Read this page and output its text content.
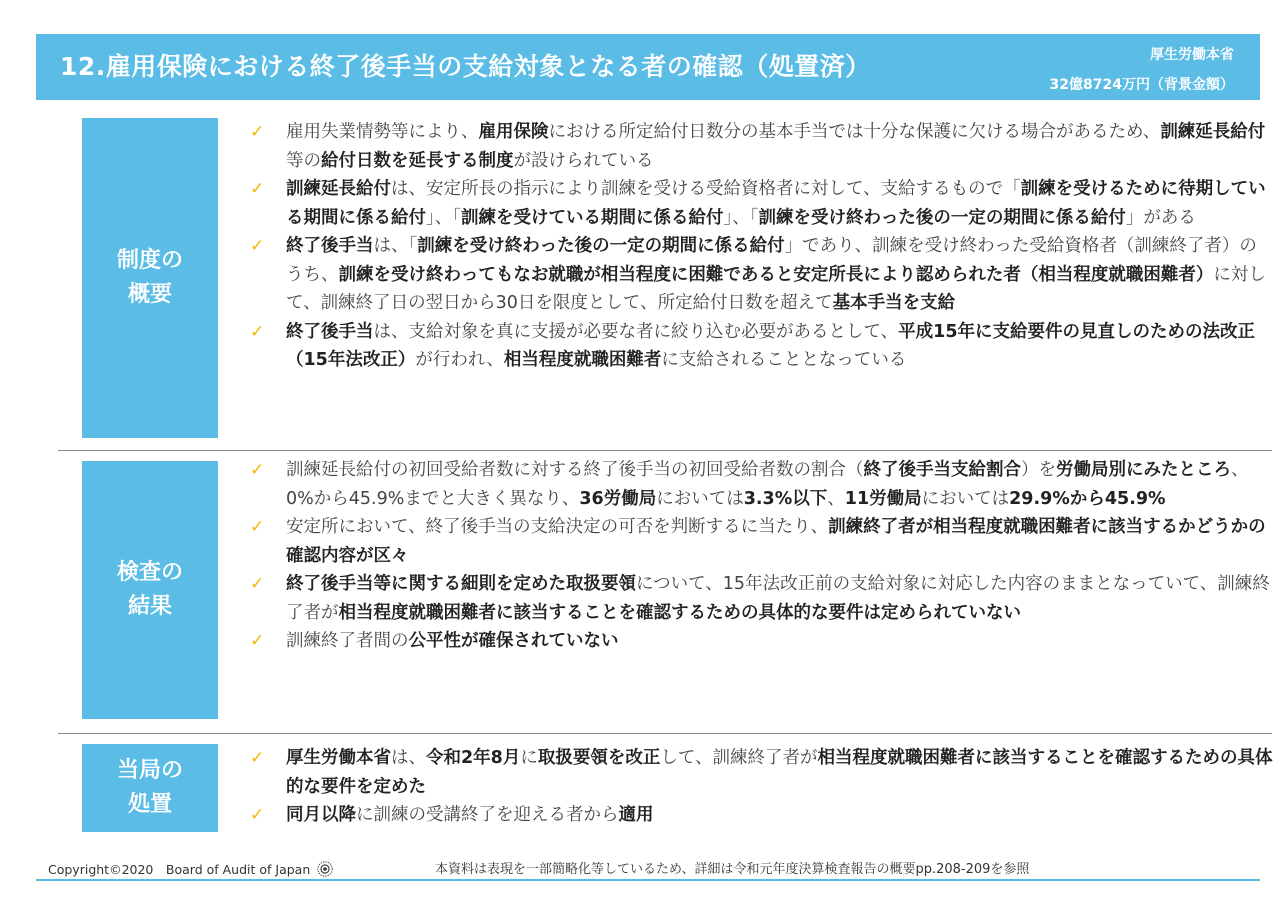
12.雇用保険における終了後手当の支給対象となる者の確認（処置済）	厚生労働本省
32億8724万円（背景金額）
制度の
概要
✓ 雇用失業情勢等により、雇用保険における所定給付日数分の基本手当では十分な保護に欠ける場合があるため、訓練延長給付等の給付日数を延長する制度が設けられている
✓ 訓練延長給付は、安定所長の指示により訓練を受ける受給資格者に対して、支給するもので「訓練を受けるために待期している期間に係る給付」、「訓練を受けている期間に係る給付」、「訓練を受け終わった後の一定の期間に係る給付」がある
✓ 終了後手当は、「訓練を受け終わった後の一定の期間に係る給付」であり、訓練を受け終わった受給資格者（訓練終了者）のうち、訓練を受け終わってもなお就職が相当程度に困難であると安定所長により認められた者（相当程度就職困難者）に対して、訓練終了日の翌日から30日を限度として、所定給付日数を超えて基本手当を支給
✓ 終了後手当は、支給対象を真に支援が必要な者に絞り込む必要があるとして、平成15年に支給要件の見直しのための法改正（15年法改正）が行われ、相当程度就職困難者に支給されることとなっている
検査の
結果
✓ 訓練延長給付の初回受給者数に対する終了後手当の初回受給者数の割合（終了後手当支給割合）を労働局別にみたところ、0%から45.9%までと大きく異なり、36労働局においては3.3%以下、11労働局においては29.9%から45.9%
✓ 安定所において、終了後手当の支給決定の可否を判断するに当たり、訓練終了者が相当程度就職困難者に該当するかどうかの確認内容が区々
✓ 終了後手当等に関する細則を定めた取扱要領について、15年法改正前の支給対象に対応した内容のままとなっていて、訓練終了者が相当程度就職困難者に該当することを確認するための具体的な要件は定められていない
✓ 訓練終了者間の公平性が確保されていない
当局の
処置
✓ 厚生労働本省は、令和2年8月に取扱要領を改正して、訓練終了者が相当程度就職困難者に該当することを確認するための具体的な要件を定めた
✓ 同月以降に訓練の受講終了を迎える者から適用
Copyright©2020　Board of Audit of Japan	本資料は表現を一部簡略化等しているため、詳細は令和元年度決算検査報告の概要pp.208-209を参照
